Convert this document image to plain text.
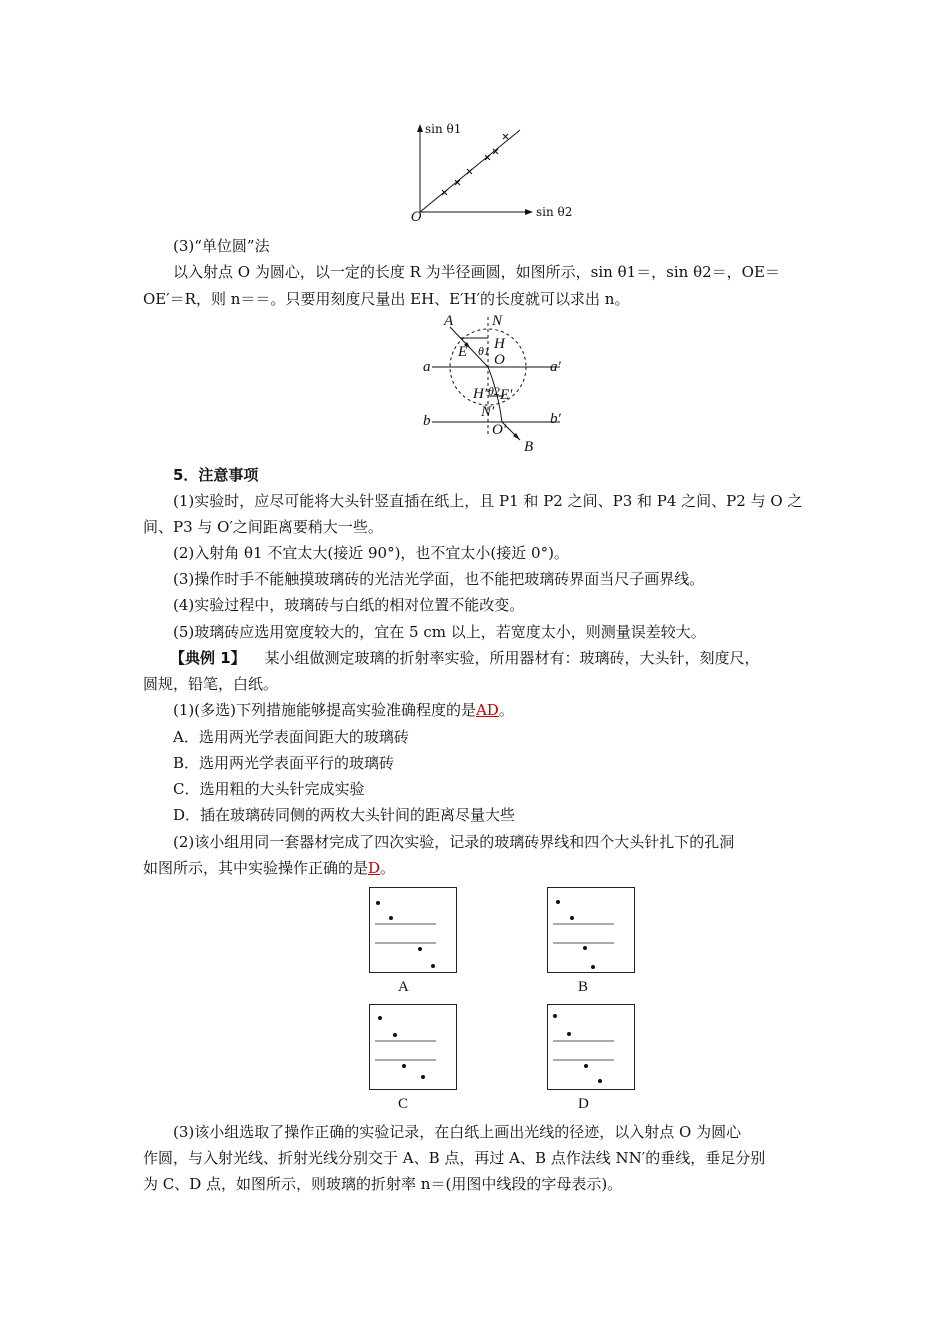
sin θ1
sin θ2
O
(3)“单位圆”法
以入射点 O 为圆心，以一定的长度 R 为半径画圆，如图所示，sin θ1＝，sin θ2＝，OE＝
OE′＝R，则 n＝＝。只要用刻度尺量出 EH、E′H′的长度就可以求出 n。
A	N
E H
θ1
O
a	a′
H′ θ2 E′
N′
b	b′
O′
B
5．注意事项
(1)实验时，应尽可能将大头针竖直插在纸上，且 P1 和 P2 之间、P3 和 P4 之间、P2 与 O 之
间、P3 与 O′之间距离要稍大一些。
(2)入射角 θ1 不宜太大(接近 90°)，也不宜太小(接近 0°)。
(3)操作时手不能触摸玻璃砖的光洁光学面，也不能把玻璃砖界面当尺子画界线。
(4)实验过程中，玻璃砖与白纸的相对位置不能改变。
(5)玻璃砖应选用宽度较大的，宜在 5 cm 以上，若宽度太小，则测量误差较大。
【典例 1】 某小组做测定玻璃的折射率实验，所用器材有：玻璃砖，大头针，刻度尺，
圆规，铅笔，白纸。
(1)(多选)下列措施能够提高实验准确程度的是AD。
A．选用两光学表面间距大的玻璃砖
B．选用两光学表面平行的玻璃砖
C．选用粗的大头针完成实验
D．插在玻璃砖同侧的两枚大头针间的距离尽量大些
(2)该小组用同一套器材完成了四次实验，记录的玻璃砖界线和四个大头针扎下的孔洞
如图所示，其中实验操作正确的是D。
A	B
C	D
(3)该小组选取了操作正确的实验记录，在白纸上画出光线的径迹，以入射点 O 为圆心
作圆，与入射光线、折射光线分别交于 A、B 点，再过 A、B 点作法线 NN′的垂线，垂足分别
为 C、D 点，如图所示，则玻璃的折射率 n＝(用图中线段的字母表示)。
